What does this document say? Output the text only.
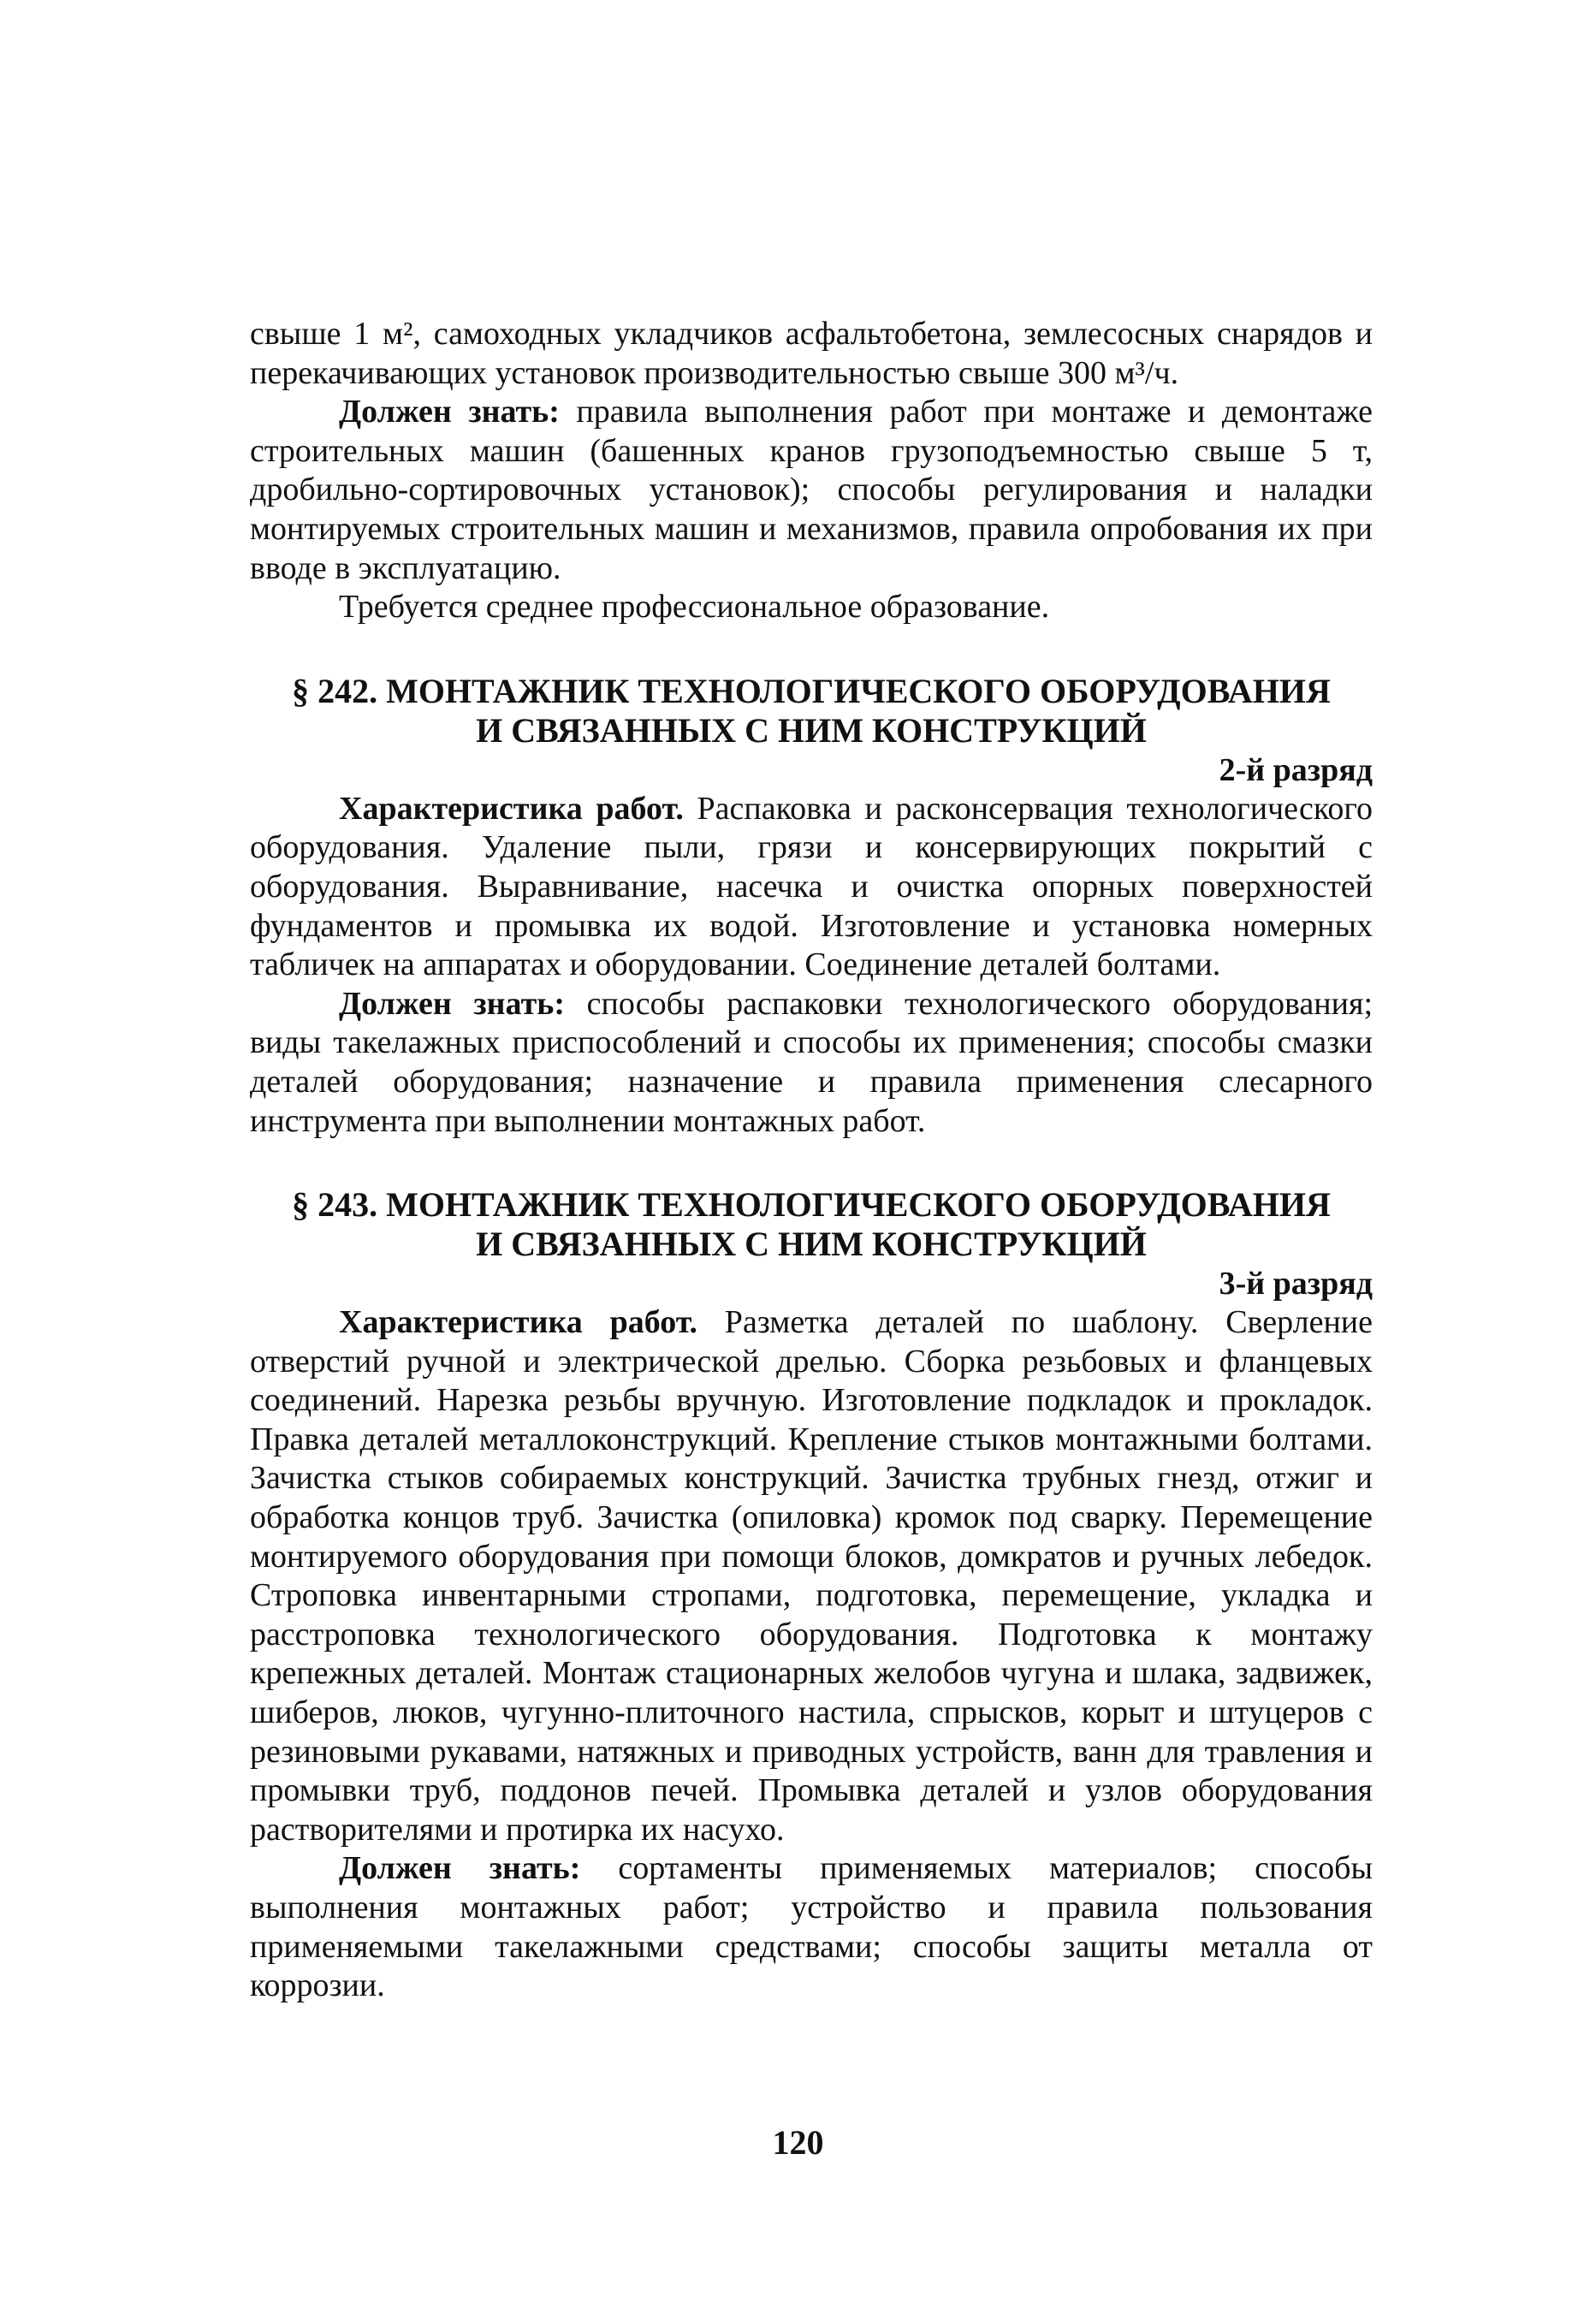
свыше 1 м², самоходных укладчиков асфальтобетона, землесосных снарядов и перекачивающих установок производительностью свыше 300 м³/ч.

Должен знать: правила выполнения работ при монтаже и демонтаже строительных машин (башенных кранов грузоподъемностью свыше 5 т, дробильно-сортировочных установок); способы регулирования и наладки монтируемых строительных машин и механизмов, правила опробования их при вводе в эксплуатацию.

Требуется среднее профессиональное образование.

§ 242. МОНТАЖНИК ТЕХНОЛОГИЧЕСКОГО ОБОРУДОВАНИЯ
И СВЯЗАННЫХ С НИМ КОНСТРУКЦИЙ

2-й разряд

Характеристика работ. Распаковка и расконсервация технологического оборудования. Удаление пыли, грязи и консервирующих покрытий с оборудования. Выравнивание, насечка и очистка опорных поверхностей фундаментов и промывка их водой. Изготовление и установка номерных табличек на аппаратах и оборудовании. Соединение деталей болтами.

Должен знать: способы распаковки технологического оборудования; виды такелажных приспособлений и способы их применения; способы смазки деталей оборудования; назначение и правила применения слесарного инструмента при выполнении монтажных работ.

§ 243. МОНТАЖНИК ТЕХНОЛОГИЧЕСКОГО ОБОРУДОВАНИЯ
И СВЯЗАННЫХ С НИМ КОНСТРУКЦИЙ

3-й разряд

Характеристика работ. Разметка деталей по шаблону. Сверление отверстий ручной и электрической дрелью. Сборка резьбовых и фланцевых соединений. Нарезка резьбы вручную. Изготовление подкладок и прокладок. Правка деталей металлоконструкций. Крепление стыков монтажными болтами. Зачистка стыков собираемых конструкций. Зачистка трубных гнезд, отжиг и обработка концов труб. Зачистка (опиловка) кромок под сварку. Перемещение монтируемого оборудования при помощи блоков, домкратов и ручных лебедок. Строповка инвентарными стропами, подготовка, перемещение, укладка и расстроповка технологического оборудования. Подготовка к монтажу крепежных деталей. Монтаж стационарных желобов чугуна и шлака, задвижек, шиберов, люков, чугунно-плиточного настила, спрысков, корыт и штуцеров с резиновыми рукавами, натяжных и приводных устройств, ванн для травления и промывки труб, поддонов печей. Промывка деталей и узлов оборудования растворителями и протирка их насухо.

Должен знать: сортаменты применяемых материалов; способы выполнения монтажных работ; устройство и правила пользования применяемыми такелажными средствами; способы защиты металла от коррозии.

120
